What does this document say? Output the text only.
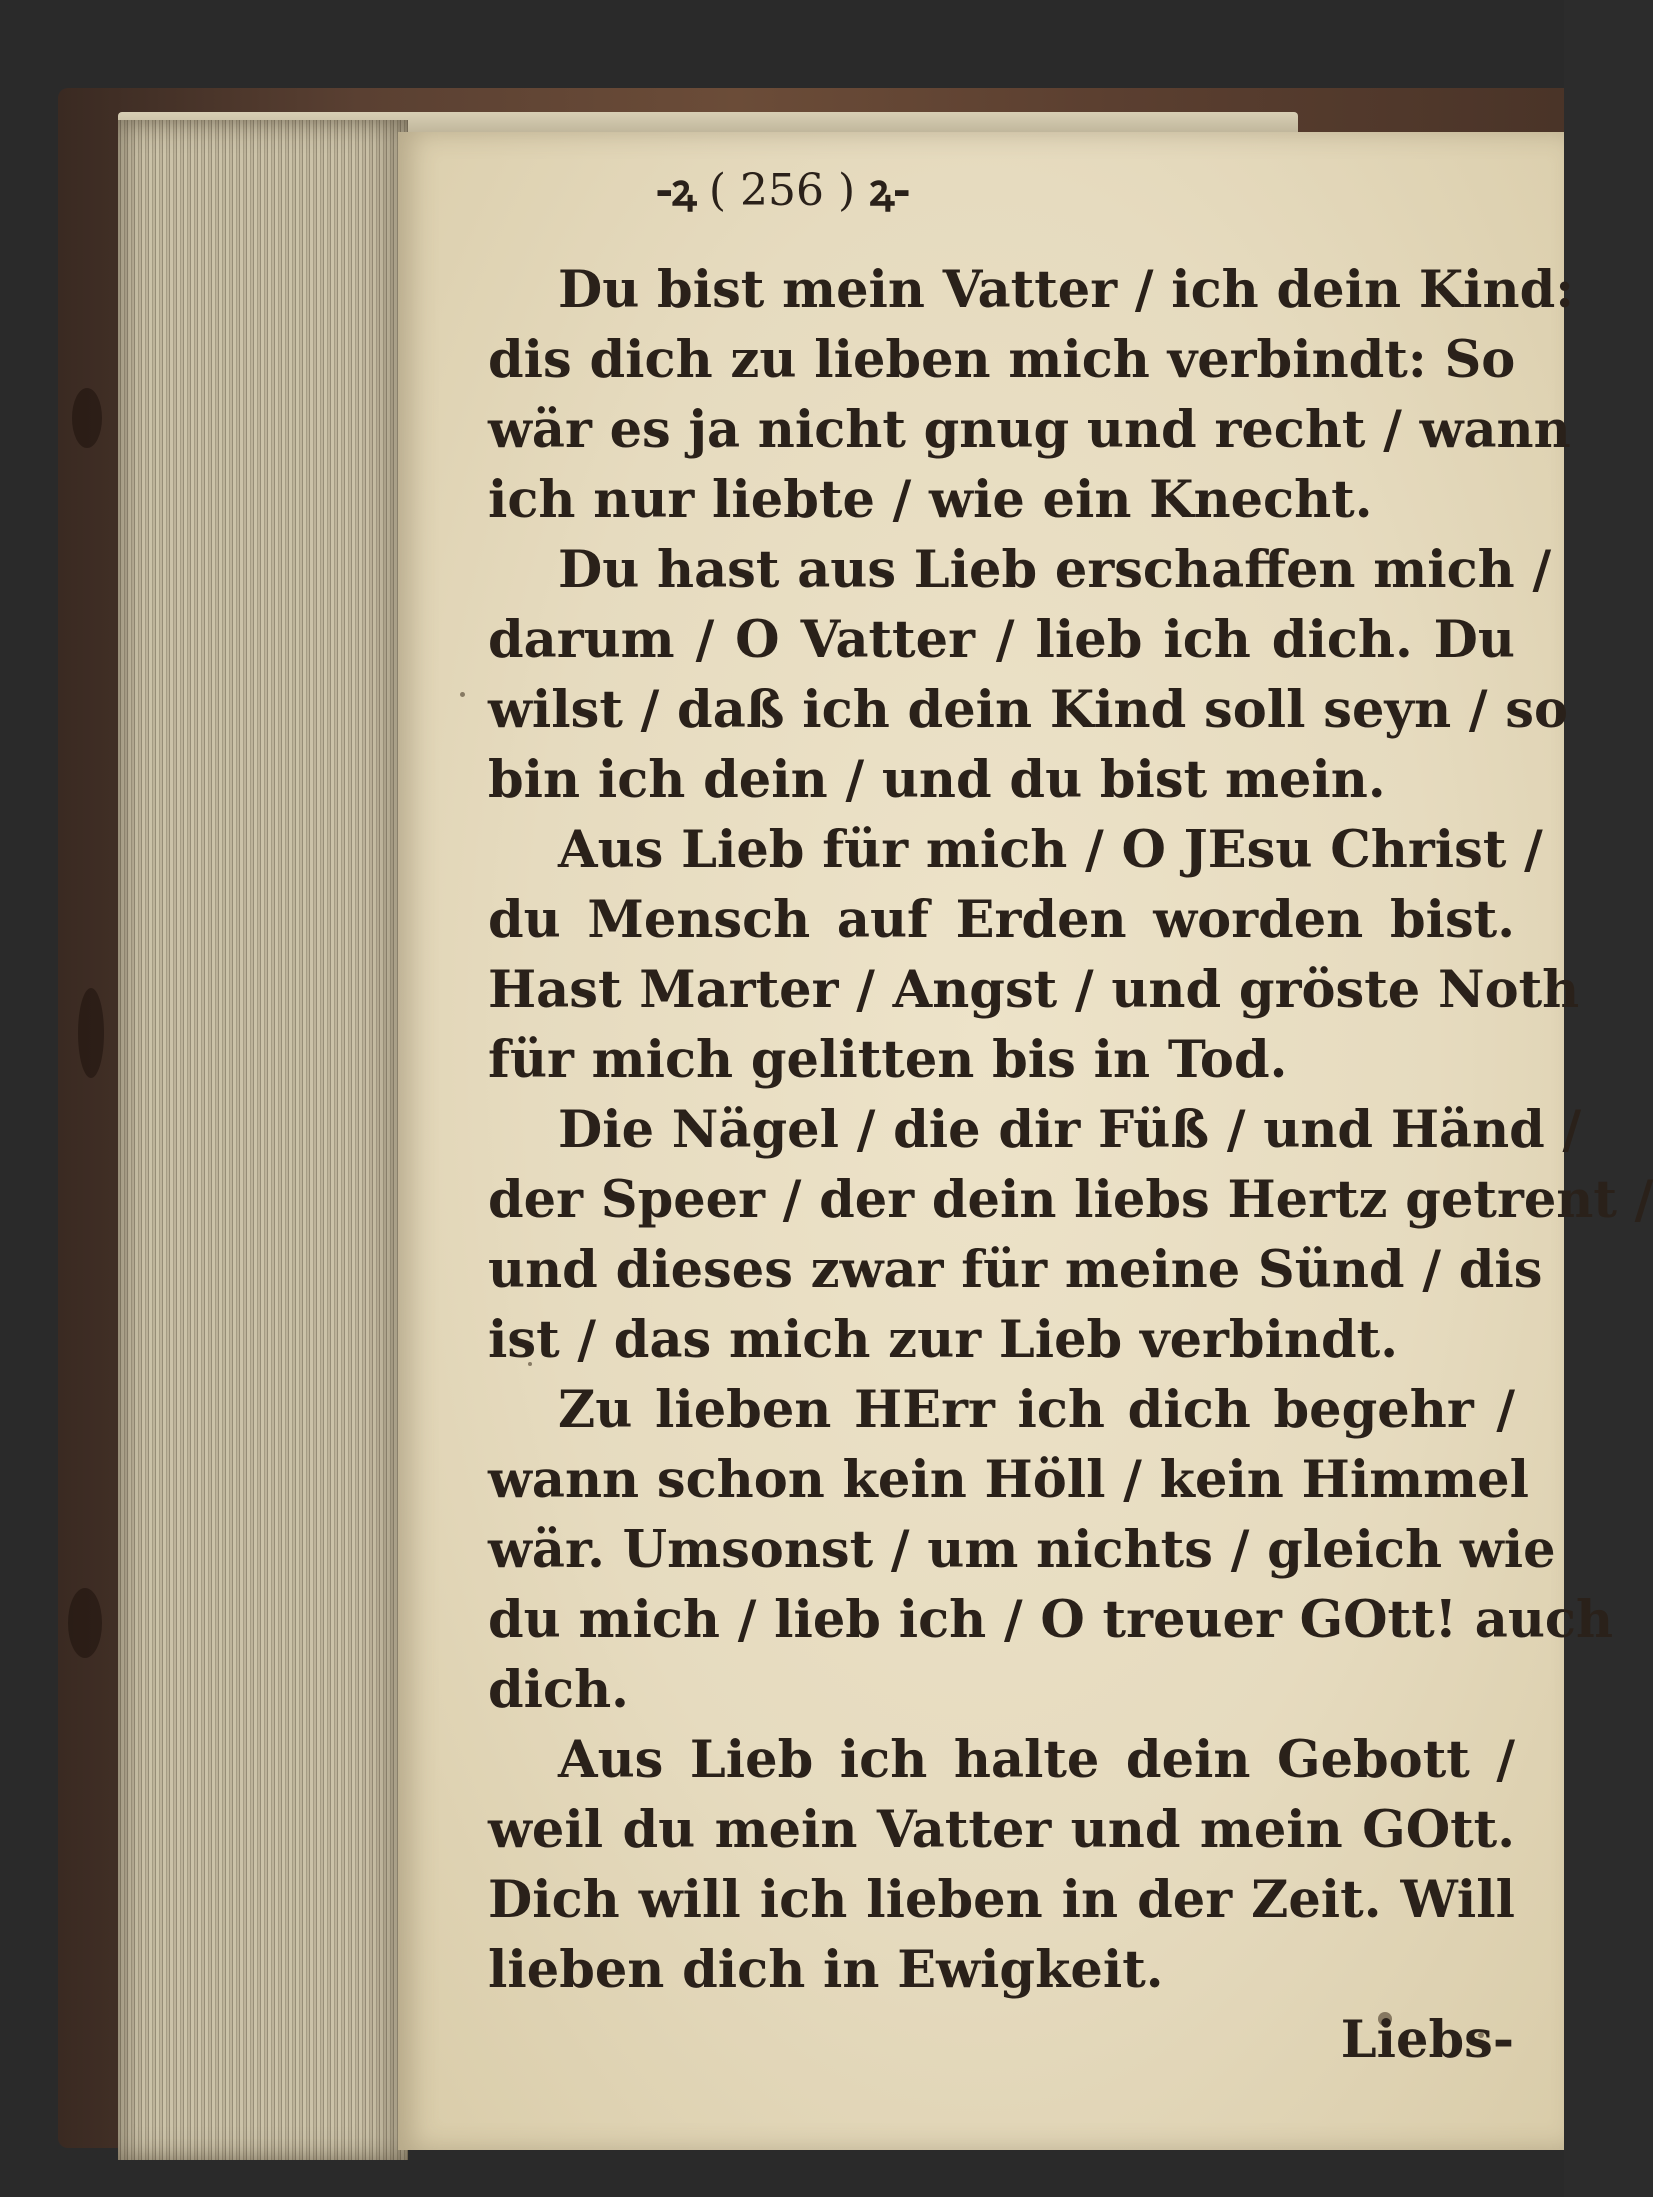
-ꝝ ( 256 ) ꝝ-
Du bist mein Vatter / ich dein Kind:
dis dich zu lieben mich verbindt: So
wär es ja nicht gnug und recht / wann
ich nur liebte / wie ein Knecht.
Du hast aus Lieb erschaffen mich /
darum / O Vatter / lieb ich dich. Du
wilst / daß ich dein Kind soll seyn / so
bin ich dein / und du bist mein.
Aus Lieb für mich / O JEsu Christ /
du Mensch auf Erden worden bist.
Hast Marter / Angst / und gröste Noth
für mich gelitten bis in Tod.
Die Nägel / die dir Füß / und Händ /
der Speer / der dein liebs Hertz getrent /
und dieses zwar für meine Sünd / dis
ist / das mich zur Lieb verbindt.
Zu lieben HErr ich dich begehr /
wann schon kein Höll / kein Himmel
wär. Umsonst / um nichts / gleich wie
du mich / lieb ich / O treuer GOtt! auch
dich.
Aus Lieb ich halte dein Gebott /
weil du mein Vatter und mein GOtt.
Dich will ich lieben in der Zeit. Will
lieben dich in Ewigkeit.
Liebs-
